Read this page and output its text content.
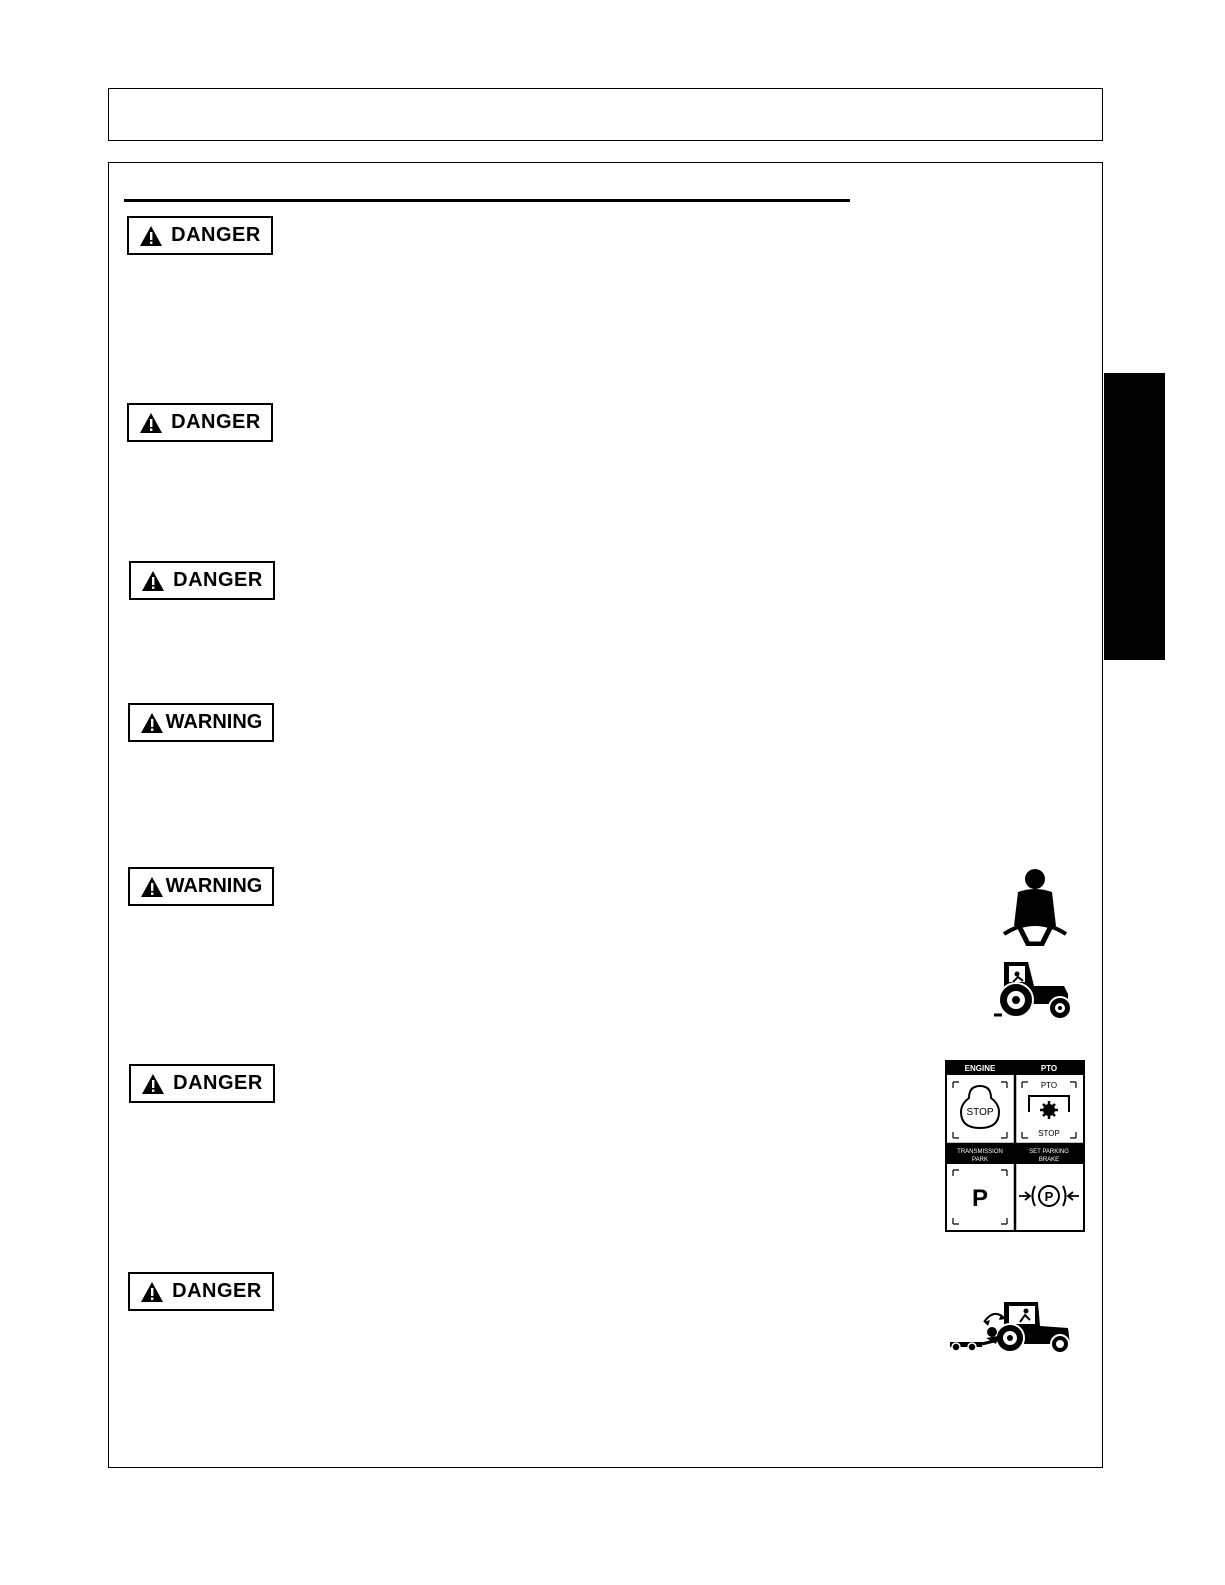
DANGER
DANGER
DANGER
WARNING
WARNING
DANGER
DANGER
ENGINE	PTO
STOP
PTO
STOP
TRANSMISSION
PARK
SET PARKING
BRAKE
P	P
